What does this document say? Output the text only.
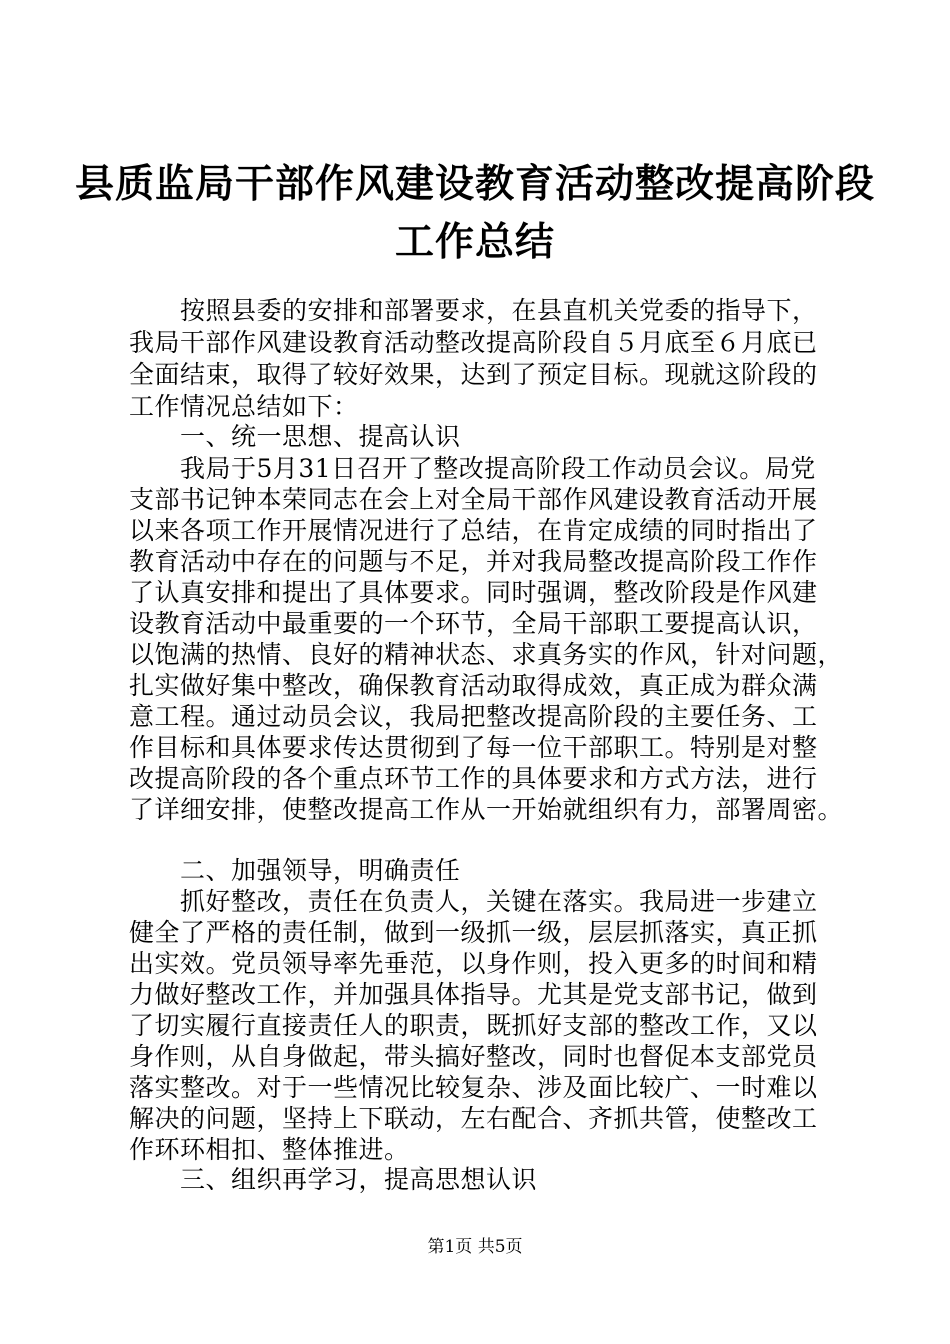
县质监局干部作风建设教育活动整改提高阶段
工作总结
按照县委的安排和部署要求，在县直机关党委的指导下，
我局干部作风建设教育活动整改提高阶段自５月底至６月底已
全面结束，取得了较好效果，达到了预定目标。现就这阶段的
工作情况总结如下：
一、统一思想、提高认识
我局于5月31日召开了整改提高阶段工作动员会议。局党
支部书记钟本荣同志在会上对全局干部作风建设教育活动开展
以来各项工作开展情况进行了总结，在肯定成绩的同时指出了
教育活动中存在的问题与不足，并对我局整改提高阶段工作作
了认真安排和提出了具体要求。同时强调，整改阶段是作风建
设教育活动中最重要的一个环节，全局干部职工要提高认识，
以饱满的热情、良好的精神状态、求真务实的作风，针对问题，
扎实做好集中整改，确保教育活动取得成效，真正成为群众满
意工程。通过动员会议，我局把整改提高阶段的主要任务、工
作目标和具体要求传达贯彻到了每一位干部职工。特别是对整
改提高阶段的各个重点环节工作的具体要求和方式方法，进行
了详细安排，使整改提高工作从一开始就组织有力，部署周密。
二、加强领导，明确责任
抓好整改，责任在负责人，关键在落实。我局进一步建立
健全了严格的责任制，做到一级抓一级，层层抓落实，真正抓
出实效。党员领导率先垂范，以身作则，投入更多的时间和精
力做好整改工作，并加强具体指导。尤其是党支部书记，做到
了切实履行直接责任人的职责，既抓好支部的整改工作，又以
身作则，从自身做起，带头搞好整改，同时也督促本支部党员
落实整改。对于一些情况比较复杂、涉及面比较广、一时难以
解决的问题，坚持上下联动，左右配合、齐抓共管，使整改工
作环环相扣、整体推进。
三、组织再学习，提高思想认识
第1页 共5页
